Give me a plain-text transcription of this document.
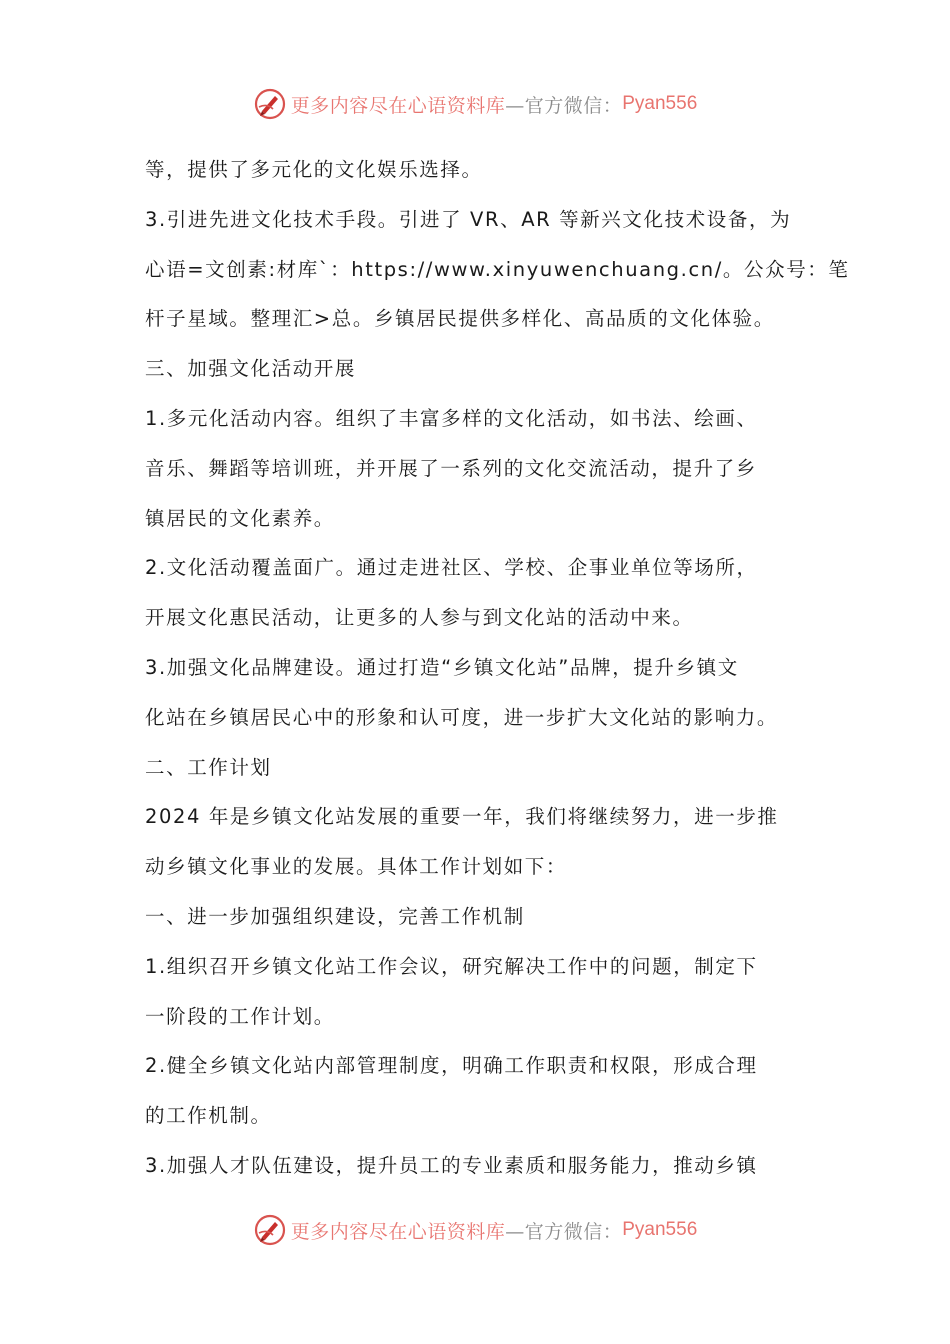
更多内容尽在心语资料库 —官方微信： Pyan556
等，提供了多元化的文化娱乐选择。
3.引进先进文化技术手段。引进了 VR、AR 等新兴文化技术设备，为
心语=文创素:材库`：https://www.xinyuwenchuang.cn/。公众号：笔
杆子星域。整理汇>总。乡镇居民提供多样化、高品质的文化体验。
三、加强文化活动开展
1.多元化活动内容。组织了丰富多样的文化活动，如书法、绘画、
音乐、舞蹈等培训班，并开展了一系列的文化交流活动，提升了乡
镇居民的文化素养。
2.文化活动覆盖面广。通过走进社区、学校、企事业单位等场所，
开展文化惠民活动，让更多的人参与到文化站的活动中来。
3.加强文化品牌建设。通过打造“乡镇文化站”品牌，提升乡镇文
化站在乡镇居民心中的形象和认可度，进一步扩大文化站的影响力。
二、工作计划
2024 年是乡镇文化站发展的重要一年，我们将继续努力，进一步推
动乡镇文化事业的发展。具体工作计划如下：
一、进一步加强组织建设，完善工作机制
1.组织召开乡镇文化站工作会议，研究解决工作中的问题，制定下
一阶段的工作计划。
2.健全乡镇文化站内部管理制度，明确工作职责和权限，形成合理
的工作机制。
3.加强人才队伍建设，提升员工的专业素质和服务能力，推动乡镇
更多内容尽在心语资料库 —官方微信： Pyan556
